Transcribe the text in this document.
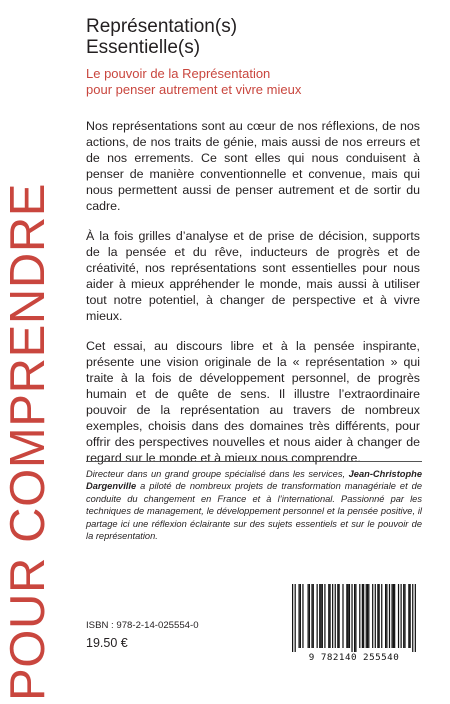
POUR COMPRENDRE
Représentation(s)
Essentielle(s)
Le pouvoir de la Représentation
pour penser autrement et vivre mieux

Nos représentations sont au cœur de nos réflexions, de nos actions, de nos traits de génie, mais aussi de nos erreurs et de nos errements. Ce sont elles qui nous conduisent à penser de manière conventionnelle et convenue, mais qui nous permettent aussi de penser autrement et de sortir du cadre.

À la fois grilles d’analyse et de prise de décision, supports de la pensée et du rêve, inducteurs de progrès et de créativité, nos représentations sont essentielles pour nous aider à mieux appréhender le monde, mais aussi à utiliser tout notre potentiel, à changer de perspective et à vivre mieux.

Cet essai, au discours libre et à la pensée inspirante, présente une vision originale de la « représentation » qui traite à la fois de développement personnel, de progrès humain et de quête de sens. Il illustre l’extraordinaire pouvoir de la représentation au travers de nombreux exemples, choisis dans des domaines très différents, pour offrir des perspectives nouvelles et nous aider à changer de regard sur le monde et à mieux nous comprendre.

Directeur dans un grand groupe spécialisé dans les services, Jean-Christophe Dargenville a piloté de nombreux projets de transformation managériale et de conduite du changement en France et à l’international. Passionné par les techniques de management, le développement personnel et la pensée positive, il partage ici une réflexion éclairante sur des sujets essentiels et sur le pouvoir de la représentation.
ISBN : 978-2-14-025554-0
19.50 €
9 782140 255540
